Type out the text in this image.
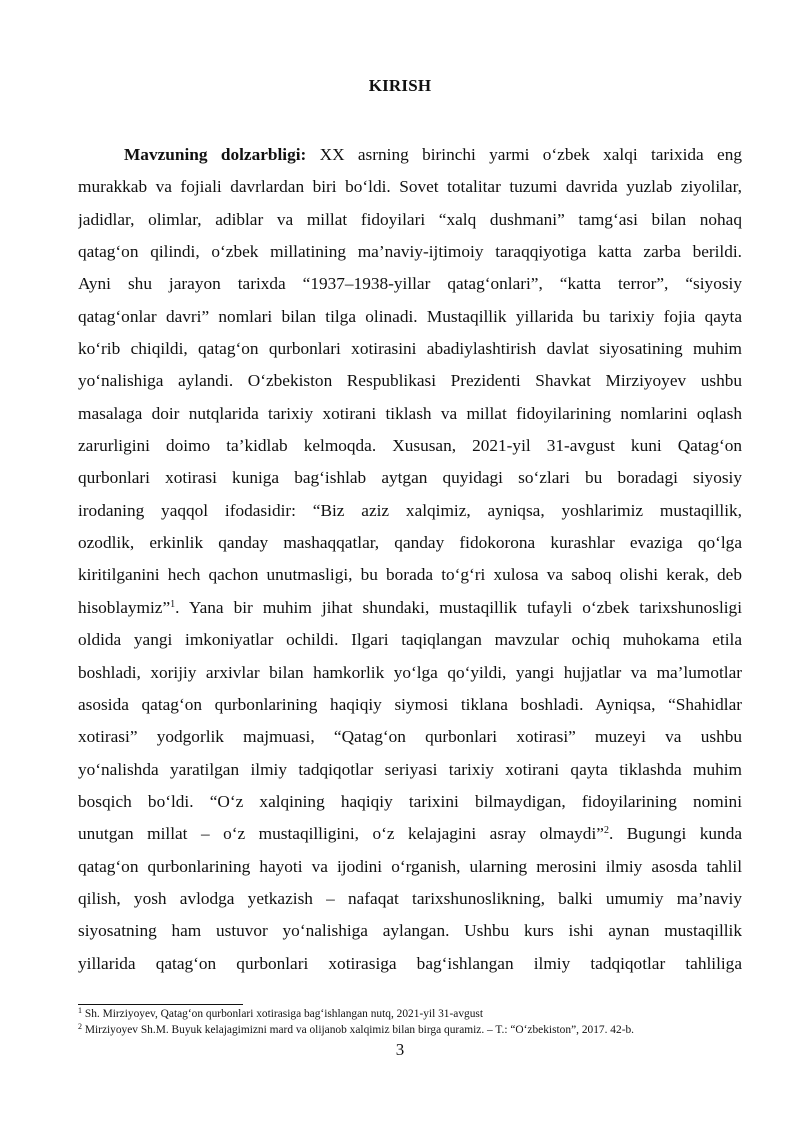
KIRISH
Mavzuning dolzarbligi: XX asrning birinchi yarmi o‘zbek xalqi tarixida eng
murakkab va fojiali davrlardan biri bo‘ldi. Sovet totalitar tuzumi davrida yuzlab ziyolilar,
jadidlar, olimlar, adiblar va millat fidoyilari “xalq dushmani” tamg‘asi bilan nohaq
qatag‘on qilindi, o‘zbek millatining ma’naviy-ijtimoiy taraqqiyotiga katta zarba berildi.
Ayni shu jarayon tarixda “1937–1938-yillar qatag‘onlari”, “katta terror”, “siyosiy
qatag‘onlar davri” nomlari bilan tilga olinadi. Mustaqillik yillarida bu tarixiy fojia qayta
ko‘rib chiqildi, qatag‘on qurbonlari xotirasini abadiylashtirish davlat siyosatining muhim
yo‘nalishiga aylandi. O‘zbekiston Respublikasi Prezidenti Shavkat Mirziyoyev ushbu
masalaga doir nutqlarida tarixiy xotirani tiklash va millat fidoyilarining nomlarini oqlash
zarurligini doimo ta’kidlab kelmoqda. Xususan, 2021-yil 31-avgust kuni Qatag‘on
qurbonlari xotirasi kuniga bag‘ishlab aytgan quyidagi so‘zlari bu boradagi siyosiy
irodaning yaqqol ifodasidir: “Biz aziz xalqimiz, ayniqsa, yoshlarimiz mustaqillik,
ozodlik, erkinlik qanday mashaqqatlar, qanday fidokorona kurashlar evaziga qo‘lga
kiritilganini hech qachon unutmasligi, bu borada to‘g‘ri xulosa va saboq olishi kerak, deb
hisoblaymiz”$^1$. Yana bir muhim jihat shundaki, mustaqillik tufayli o‘zbek tarixshunosligi
oldida yangi imkoniyatlar ochildi. Ilgari taqiqlangan mavzular ochiq muhokama etila
boshladi, xorijiy arxivlar bilan hamkorlik yo‘lga qo‘yildi, yangi hujjatlar va ma’lumotlar
asosida qatag‘on qurbonlarining haqiqiy siymosi tiklana boshladi. Ayniqsa, “Shahidlar
xotirasi” yodgorlik majmuasi, “Qatag‘on qurbonlari xotirasi” muzeyi va ushbu
yo‘nalishda yaratilgan ilmiy tadqiqotlar seriyasi tarixiy xotirani qayta tiklashda muhim
bosqich bo‘ldi. “O‘z xalqining haqiqiy tarixini bilmaydigan, fidoyilarining nomini
unutgan millat – o‘z mustaqilligini, o‘z kelajagini asray olmaydi”$^2$. Bugungi kunda
qatag‘on qurbonlarining hayoti va ijodini o‘rganish, ularning merosini ilmiy asosda tahlil
qilish, yosh avlodga yetkazish – nafaqat tarixshunoslikning, balki umumiy ma’naviy
siyosatning ham ustuvor yo‘nalishiga aylangan. Ushbu kurs ishi aynan mustaqillik
yillarida qatag‘on qurbonlari xotirasiga bag‘ishlangan ilmiy tadqiqotlar tahliliga
$^1$ Sh. Mirziyoyev, Qatag‘on qurbonlari xotirasiga bag‘ishlangan nutq, 2021-yil 31-avgust
$^2$ Mirziyoyev Sh.M. Buyuk kelajagimizni mard va olijanob xalqimiz bilan birga quramiz. – T.: “O‘zbekiston”, 2017. 42-b.
3
